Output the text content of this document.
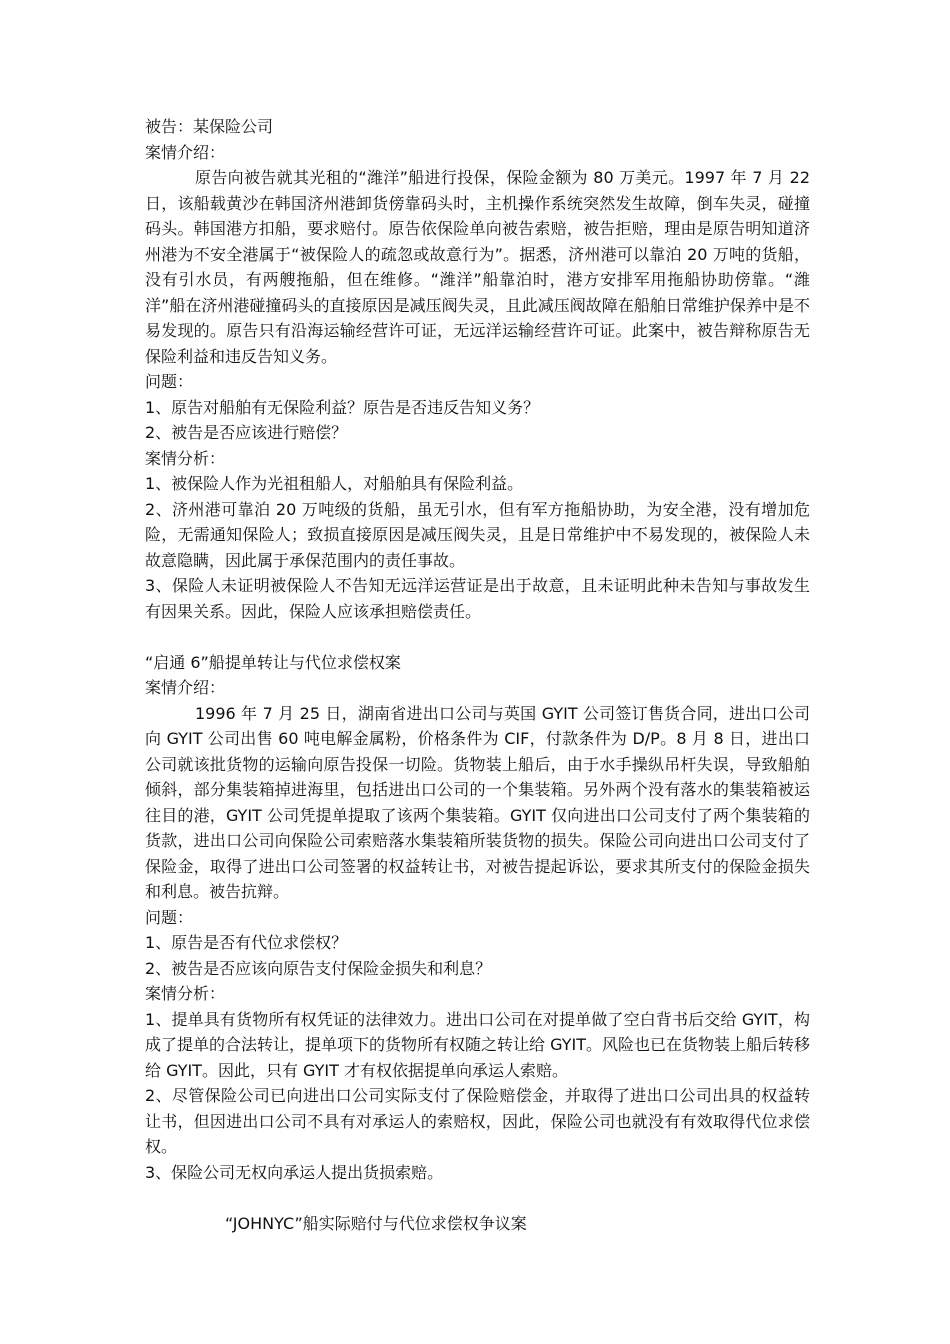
被告：某保险公司
案情介绍：
原告向被告就其光租的“潍洋”船进行投保，保险金额为 80 万美元。1997 年 7 月 22 日，该船载黄沙在韩国济州港卸货傍靠码头时，主机操作系统突然发生故障，倒车失灵，碰撞码头。韩国港方扣船，要求赔付。原告依保险单向被告索赔，被告拒赔，理由是原告明知道济州港为不安全港属于“被保险人的疏忽或故意行为”。据悉，济州港可以靠泊 20 万吨的货船，没有引水员，有两艘拖船，但在维修。“潍洋”船靠泊时，港方安排军用拖船协助傍靠。“潍洋”船在济州港碰撞码头的直接原因是减压阀失灵，且此减压阀故障在船舶日常维护保养中是不易发现的。原告只有沿海运输经营许可证，无远洋运输经营许可证。此案中，被告辩称原告无保险利益和违反告知义务。
问题：
1、原告对船舶有无保险利益？原告是否违反告知义务？
2、被告是否应该进行赔偿？
案情分析：
1、被保险人作为光祖租船人，对船舶具有保险利益。
2、济州港可靠泊 20 万吨级的货船，虽无引水，但有军方拖船协助，为安全港，没有增加危险，无需通知保险人；致损直接原因是减压阀失灵，且是日常维护中不易发现的，被保险人未故意隐瞒，因此属于承保范围内的责任事故。
3、保险人未证明被保险人不告知无远洋运营证是出于故意，且未证明此种未告知与事故发生有因果关系。因此，保险人应该承担赔偿责任。
“启通 6”船提单转让与代位求偿权案
案情介绍：
1996 年 7 月 25 日，湖南省进出口公司与英国 GYIT 公司签订售货合同，进出口公司向 GYIT 公司出售 60 吨电解金属粉，价格条件为 CIF，付款条件为 D/P。8 月 8 日，进出口公司就该批货物的运输向原告投保一切险。货物装上船后，由于水手操纵吊杆失误，导致船舶倾斜，部分集装箱掉进海里，包括进出口公司的一个集装箱。另外两个没有落水的集装箱被运往目的港，GYIT 公司凭提单提取了该两个集装箱。GYIT 仅向进出口公司支付了两个集装箱的货款，进出口公司向保险公司索赔落水集装箱所装货物的损失。保险公司向进出口公司支付了保险金，取得了进出口公司签署的权益转让书，对被告提起诉讼，要求其所支付的保险金损失和利息。被告抗辩。
问题：
1、原告是否有代位求偿权？
2、被告是否应该向原告支付保险金损失和利息？
案情分析：
1、提单具有货物所有权凭证的法律效力。进出口公司在对提单做了空白背书后交给 GYIT，构成了提单的合法转让，提单项下的货物所有权随之转让给 GYIT。风险也已在货物装上船后转移给 GYIT。因此，只有 GYIT 才有权依据提单向承运人索赔。
2、尽管保险公司已向进出口公司实际支付了保险赔偿金，并取得了进出口公司出具的权益转让书，但因进出口公司不具有对承运人的索赔权，因此，保险公司也就没有有效取得代位求偿权。
3、保险公司无权向承运人提出货损索赔。
“JOHNYC”船实际赔付与代位求偿权争议案
